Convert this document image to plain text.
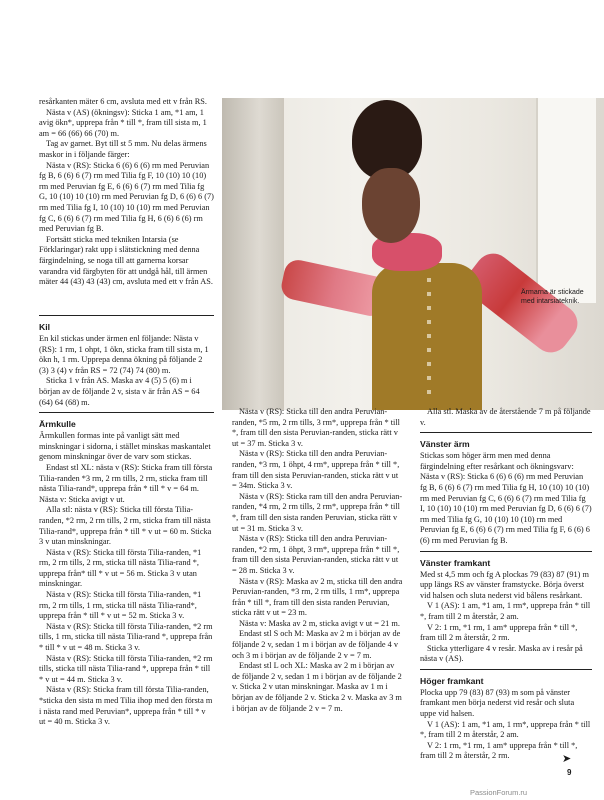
resårkanten mäter 6 cm, avsluta med ett v från RS.

Nästa v (AS) (ökningsv): Sticka 1 am, *1 am, 1 avig ökn*, upprepa från * till *, fram till sista m, 1 am = 66 (66) 66 (70) m.

Tag av garnet. Byt till st 5 mm. Nu delas ärmens maskor in i följande färger:

Nästa v (RS): Sticka 6 (6) 6 (6) rm med Peruvian fg B, 6 (6) 6 (7) rm med Tilia fg F, 10 (10) 10 (10) rm med Peruvian fg E, 6 (6) 6 (7) rm med Tilia fg G, 10 (10) 10 (10) rm med Peruvian fg D, 6 (6) 6 (7) rm med Tilia fg I, 10 (10) 10 (10) rm med Peruvian fg C, 6 (6) 6 (7) rm med Tilia fg H, 6 (6) 6 (6) rm med Peruvian fg B.

Fortsätt sticka med tekniken Intarsia (se Förklaringar) rakt upp i slätstickning med denna färgindelning, se noga till att garnerna korsar varandra vid färgbyten för att undgå hål, till ärmen mäter 44 (43) 43 (43) cm, avsluta med ett v från AS.

Kil

En kil stickas under ärmen enl följande: Nästa v (RS): 1 rm, 1 ohpt, 1 ökn, sticka fram till sista m, 1 ökn h, 1 rm. Upprepa denna ökning på följande 2 (3) 3 (4) v från RS = 72 (74) 74 (80) m.

Sticka 1 v från AS. Maska av 4 (5) 5 (6) m i början av de följande 2 v, sista v är från AS = 64 (64) 64 (68) m.

Ärmkulle

Ärmkullen formas inte på vanligt sätt med minskningar i sidorna, i stället minskas maskantalet genom minskningar över de varv som stickas.

Endast stl XL: nästa v (RS): Sticka fram till första Tilia-randen *3 rm, 2 rm tills, 2 rm, sticka fram till nästa Tilia-rand*, upprepa från * till * v = 64 m. Nästa v: Sticka avigt v ut.

Alla stl: nästa v (RS): Sticka till första Tilia-randen, *2 rm, 2 rm tills, 2 rm, sticka fram till nästa Tilia-rand*, upprepa från * till * v ut = 60 m. Sticka 3 v utan minskningar.

Nästa v (RS): Sticka till första Tilia-randen, *1 rm, 2 rm tills, 2 rm, sticka till nästa Tilia-rand *, upprepa från* till * v ut = 56 m. Sticka 3 v utan minskningar.

Nästa v (RS): Sticka till första Tilia-randen, *1 rm, 2 rm tills, 1 rm, sticka till nästa Tilia-rand*, upprepa från * till * v ut = 52 m. Sticka 3 v.

Nästa v (RS): Sticka till första Tilia-randen, *2 rm tills, 1 rm, sticka till nästa Tilia-rand *, upprepa från * till * v ut = 48 m. Sticka 3 v.

Nästa v (RS): Sticka till första Tilia-randen, *2 rm tills, sticka till nästa Tilia-rand *, upprepa från * till * v ut = 44 m. Sticka 3 v.

Nästa v (RS): Sticka fram till första Tilia-randen, *sticka den sista m med Tilia ihop med den första m i nästa rand med Peruvian*, upprepa från * till * v ut = 40 m. Sticka 3 v.

Ärmarna är stickade med intarsiateknik.

Nästa v (RS): Sticka till den andra Peruvian-randen, *5 rm, 2 rm tills, 3 rm*, upprepa från * till *, fram till den sista Peruvian-randen, sticka rätt v ut = 37 m. Sticka 3 v.

Nästa v (RS): Sticka till den andra Peruvian-randen, *3 rm, 1 öhpt, 4 rm*, upprepa från * till *, fram till den sista Peruvian-randen, sticka rätt v ut = 34m. Sticka 3 v.

Nästa v (RS): Sticka ram till den andra Peruvian-randen, *4 rm, 2 rm tills, 2 rm*, upprepa från * till *, fram till den sista randen Peruvian, sticka rätt v ut = 31 m. Sticka 3 v.

Nästa v (RS): Sticka till den andra Peruvian-randen, *2 rm, 1 öhpt, 3 rm*, upprepa från * till *, fram till den sista Peruvian-randen, sticka rätt v ut = 28 m. Sticka 3 v.

Nästa v (RS): Maska av 2 m, sticka till den andra Peruvian-randen, *3 rm, 2 rm tills, 1 rm*, upprepa från * till *, fram till den sista randen Peruvian, sticka rätt v ut = 23 m.

Nästa v: Maska av 2 m, sticka avigt v ut = 21 m.

Endast stl S och M: Maska av 2 m i början av de följande 2 v, sedan 1 m i början av de följande 4 v och 3 m i början av de följande 2 v = 7 m.

Endast stl L och XL: Maska av 2 m i början av de följande 2 v, sedan 1 m i början av de följande 2 v. Sticka 2 v utan minskningar. Maska av 1 m i början av de följande 2 v. Sticka 2 v. Maska av 3 m i början av de följande 2 v = 7 m.

Alla stl. Maska av de återstående 7 m på följande v.

Vänster ärm

Stickas som höger ärm men med denna färgindelning efter resårkant och ökningsvarv: Nästa v (RS): Sticka 6 (6) 6 (6) rm med Peruvian fg B, 6 (6) 6 (7) rm med Tilia fg H, 10 (10) 10 (10) rm med Peruvian fg C, 6 (6) 6 (7) rm med Tilia fg I, 10 (10) 10 (10) rm med Peruvian fg D, 6 (6) 6 (7) rm med Tilia fg G, 10 (10) 10 (10) rm med Peruvian fg E, 6 (6) 6 (7) rm med Tilia fg F, 6 (6) 6 (6) rm med Peruvian fg B.

Vänster framkant

Med st 4,5 mm och fg A plockas 79 (83) 87 (91) m upp längs RS av vänster framstycke. Börja överst vid halsen och sluta nederst vid bålens resårkant.

V 1 (AS): 1 am, *1 am, 1 rm*, upprepa från * till *, fram till 2 m återstår, 2 am.

V 2: 1 rm, *1 rm, 1 am* upprepa från * till *, fram till 2 m återstår, 2 rm.

Sticka ytterligare 4 v resår. Maska av i resår på nästa v (AS).

Höger framkant

Plocka upp 79 (83) 87 (93) m som på vänster framkant men börja nederst vid resår och sluta uppe vid halsen.

V 1 (AS): 1 am, *1 am, 1 rm*, upprepa från * till *, fram till 2 m återstår, 2 am.

V 2: 1 rm, *1 rm, 1 am* upprepa från * till *, fram till 2 m återstår, 2 rm.	➤
9
PassionForum.ru
